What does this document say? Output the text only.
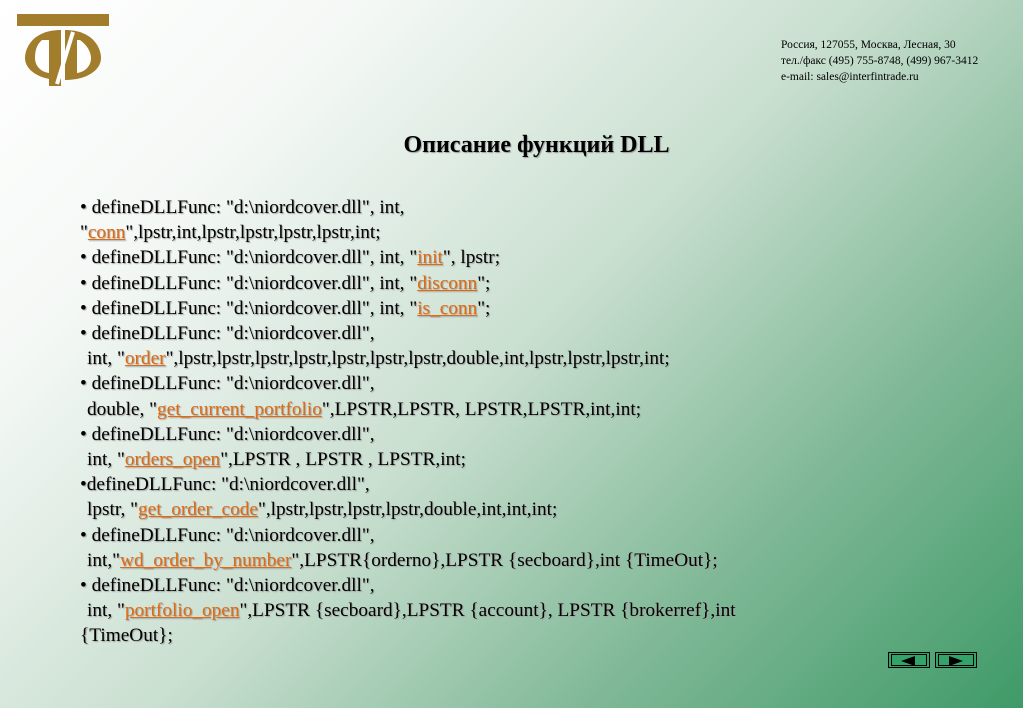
Россия, 127055, Москва, Лесная, 30
тел./факс (495) 755-8748, (499) 967-3412
e-mail: sales@interfintrade.ru
Описание функций DLL
• defineDLLFunc: "d:\niordcover.dll", int,
"conn",lpstr,int,lpstr,lpstr,lpstr,lpstr,int;
• defineDLLFunc: "d:\niordcover.dll", int, "init", lpstr;
• defineDLLFunc: "d:\niordcover.dll", int, "disconn";
• defineDLLFunc: "d:\niordcover.dll", int, "is_conn";
• defineDLLFunc: "d:\niordcover.dll",
int, "order",lpstr,lpstr,lpstr,lpstr,lpstr,lpstr,lpstr,double,int,lpstr,lpstr,lpstr,int;
• defineDLLFunc: "d:\niordcover.dll",
double, "get_current_portfolio",LPSTR,LPSTR, LPSTR,LPSTR,int,int;
• defineDLLFunc: "d:\niordcover.dll",
int, "orders_open",LPSTR , LPSTR , LPSTR,int;
•defineDLLFunc: "d:\niordcover.dll",
lpstr, "get_order_code",lpstr,lpstr,lpstr,lpstr,double,int,int,int;
• defineDLLFunc: "d:\niordcover.dll",
int,"wd_order_by_number",LPSTR{orderno},LPSTR {secboard},int {TimeOut};
• defineDLLFunc: "d:\niordcover.dll",
int, "portfolio_open",LPSTR {secboard},LPSTR {account}, LPSTR {brokerref},int
{TimeOut};
